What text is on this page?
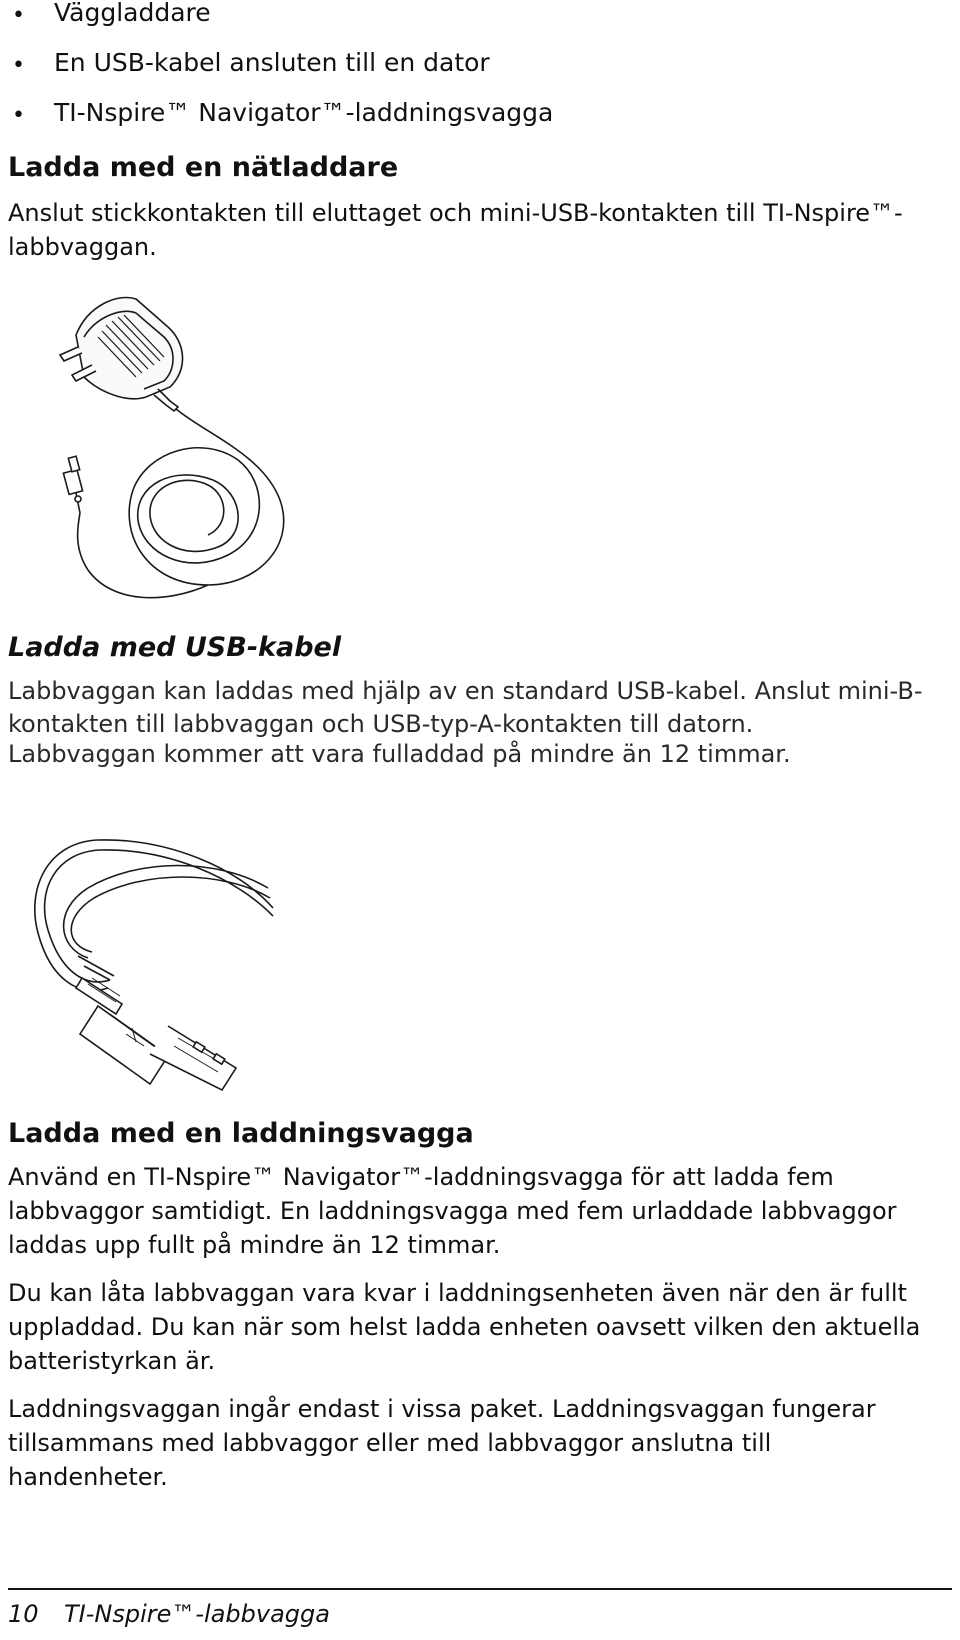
• Väggladdare
• En USB-kabel ansluten till en dator
• TI-Nspire™ Navigator™-laddningsvagga
Ladda med en nätladdare

Anslut stickkontakten till eluttaget och mini-USB-kontakten till TI-Nspire™-labbvaggan.

Ladda med USB-kabel

Labbvaggan kan laddas med hjälp av en standard USB-kabel. Anslut mini-B-kontakten till labbvaggan och USB-typ-A-kontakten till datorn.

Labbvaggan kommer att vara fulladdad på mindre än 12 timmar.

Ladda med en laddningsvagga

Använd en TI-Nspire™ Navigator™-laddningsvagga för att ladda fem labbvaggor samtidigt. En laddningsvagga med fem urladdade labbvaggor laddas upp fullt på mindre än 12 timmar.

Du kan låta labbvaggan vara kvar i laddningsenheten även när den är fullt uppladdad. Du kan när som helst ladda enheten oavsett vilken den aktuella batteristyrkan är.

Laddningsvaggan ingår endast i vissa paket. Laddningsvaggan fungerar tillsammans med labbvaggor eller med labbvaggor anslutna till handenheter.

10 TI-Nspire™-labbvagga
